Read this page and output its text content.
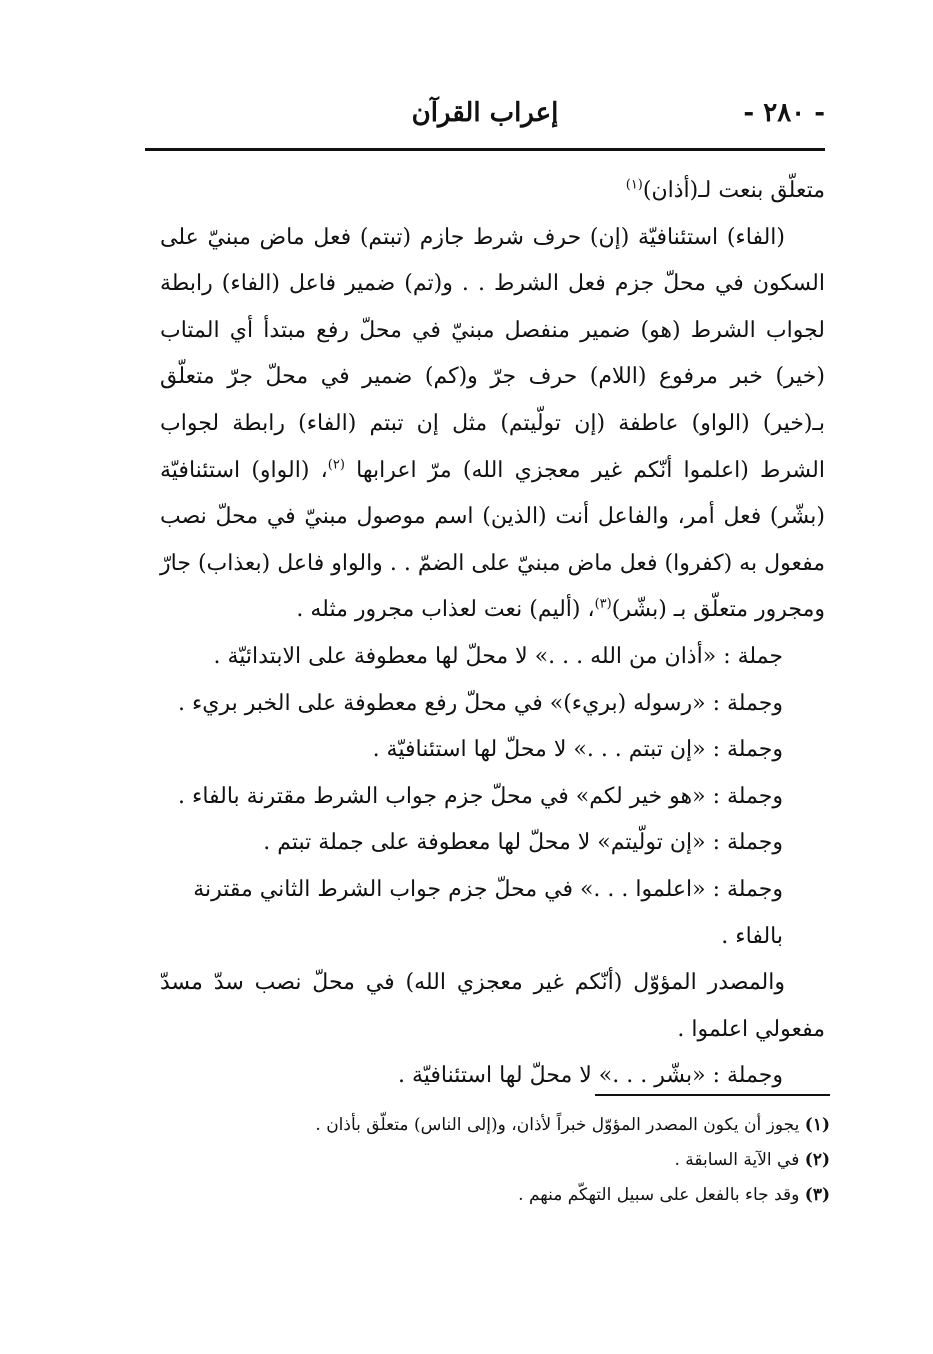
- ٢٨٠ -
إعراب القرآن

متعلّق بنعت لـ(أذان)$^{(١)}$

(الفاء) استئنافيّة (إن) حرف شرط جازم (تبتم) فعل ماض مبنيّ على السكون في محلّ جزم فعل الشرط . . و(تم) ضمير فاعل (الفاء) رابطة لجواب الشرط (هو) ضمير منفصل مبنيّ في محلّ رفع مبتدأ أي المتاب (خير) خبر مرفوع (اللام) حرف جرّ و(كم) ضمير في محلّ جرّ متعلّق بـ(خير) (الواو) عاطفة (إن تولّيتم) مثل إن تبتم (الفاء) رابطة لجواب الشرط (اعلموا أنّكم غير معجزي الله) مرّ اعرابها $^{(٢)}$، (الواو) استئنافيّة (بشّر) فعل أمر، والفاعل أنت (الذين) اسم موصول مبنيّ في محلّ نصب مفعول به (كفروا) فعل ماض مبنيّ على الضمّ . . والواو فاعل (بعذاب) جارّ ومجرور متعلّق بـ (بشّر)$^{(٣)}$، (أليم) نعت لعذاب مجرور مثله .

جملة : «أذان من الله . . .» لا محلّ لها معطوفة على الابتدائيّة .

وجملة : «رسوله (بريء)» في محلّ رفع معطوفة على الخبر بريء .

وجملة : «إن تبتم . . .» لا محلّ لها استئنافيّة .

وجملة : «هو خير لكم» في محلّ جزم جواب الشرط مقترنة بالفاء .

وجملة : «إن تولّيتم» لا محلّ لها معطوفة على جملة تبتم .

وجملة : «اعلموا . . .» في محلّ جزم جواب الشرط الثاني مقترنة بالفاء .

والمصدر المؤوّل (أنّكم غير معجزي الله) في محلّ نصب سدّ مسدّ مفعولي اعلموا .

وجملة : «بشّر . . .» لا محلّ لها استئنافيّة .

(١) يجوز أن يكون المصدر المؤوّل خبراً لأذان، و(إلى الناس) متعلّق بأذان .

(٢) في الآية السابقة .

(٣) وقد جاء بالفعل على سبيل التهكّم منهم .
